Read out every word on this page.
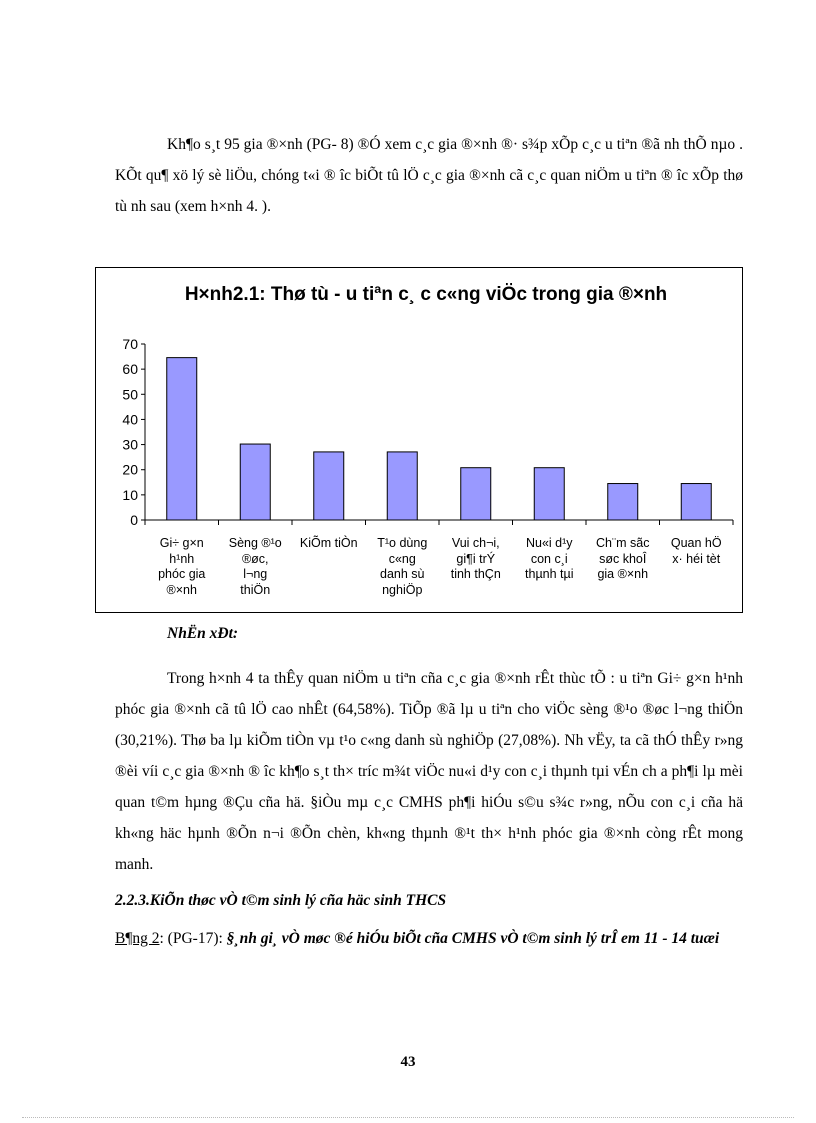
Kh¶o s¸t 95 gia ®×nh (PG- 8) ®Ó xem c¸c gia ®×nh ®· s¾p xÕp c¸c u tiªn ®ã nh thÕ nµo . KÕt qu¶ xö lý sè liÖu, chóng t«i ® îc biÕt tû lÖ c¸c gia ®×nh cã c¸c quan niÖm u tiªn ® îc xÕp thø tù nh sau (xem h×nh 4. ).

H×nh2.1: Thø tù - u tiªn c¸ c c«ng viÖc trong gia ®×nh
0
10
20
30
40
50
60
70
Gi÷ g×n
h¹nh
phóc gia
®×nh
Sèng ®¹o
®øc,
l¬ng
thiÖn
KiÕm tiÒn	T¹o dùng
c«ng
danh sù
nghiÖp
Vui ch¬i,
gi¶i trÝ
tinh thÇn
Nu«i d¹y
con c¸i
thµnh tµi
Ch¨m sãc
søc khoÎ
gia ®×nh
Quan hÖ
x· héi tèt
NhËn xÐt:

Trong h×nh 4 ta thÊy quan niÖm u tiªn cña c¸c gia ®×nh rÊt thùc tÕ : u tiªn Gi÷ g×n h¹nh phóc gia ®×nh cã tû lÖ cao nhÊt (64,58%). TiÕp ®ã lµ u tiªn cho viÖc sèng ®¹o ®øc l¬ng thiÖn (30,21%). Thø ba lµ kiÕm tiÒn vµ t¹o c«ng danh sù nghiÖp (27,08%). Nh vËy, ta cã thÓ thÊy r»ng ®èi víi c¸c gia ®×nh ® îc kh¶o s¸t th× tríc m¾t viÖc nu«i d¹y con c¸i thµnh tµi vÉn ch a ph¶i lµ mèi quan t©m hµng ®Çu cña hä. §iÒu mµ c¸c CMHS ph¶i hiÓu s©u s¾c r»ng, nÕu con c¸i cña hä kh«ng häc hµnh ®Õn n¬i ®Õn chèn, kh«ng thµnh ®¹t th× h¹nh phóc gia ®×nh còng rÊt mong manh.

2.2.3.KiÕn thøc vÒ t©m sinh lý cña häc sinh THCS

B¶ng 2: (PG-17): §¸nh gi¸ vÒ møc ®é hiÓu biÕt cña CMHS vÒ t©m sinh lý trÎ em 11 - 14 tuæi

43
